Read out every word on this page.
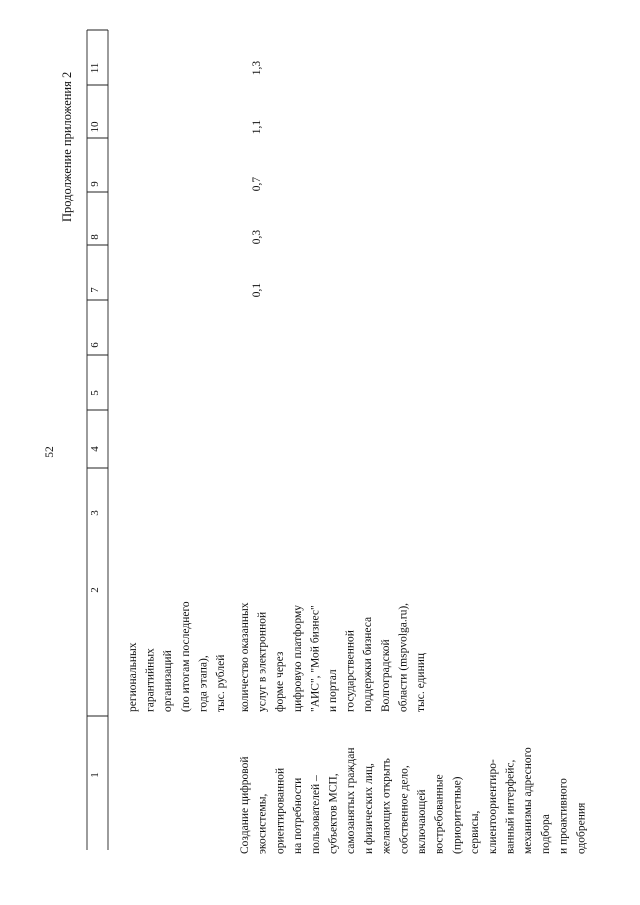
52
Продолжение приложения 2
1
2
3
4
5
6
7
8
9
10
11
региональных гарантийных организаций (по итогам последнего года этапа), тыс. рублей
Создание цифровой экосистемы, ориентированной на потребности пользователей – субъектов МСП, самозанятых граждан и физических лиц, желающих открыть собственное дело, включающей востребованные (приоритетные) сервисы, клиентоориентиро- ванный интерфейс, механизмы адресного подбора и проактивного одобрения
количество оказанных услуг в электронной форме через цифровую платформу "АИС", "Мой бизнес" и портал государственной поддержки бизнеса Волгоградской области (mspvolga.ru), тыс. единиц
0,1
0,3
0,7
1,1
1,3
